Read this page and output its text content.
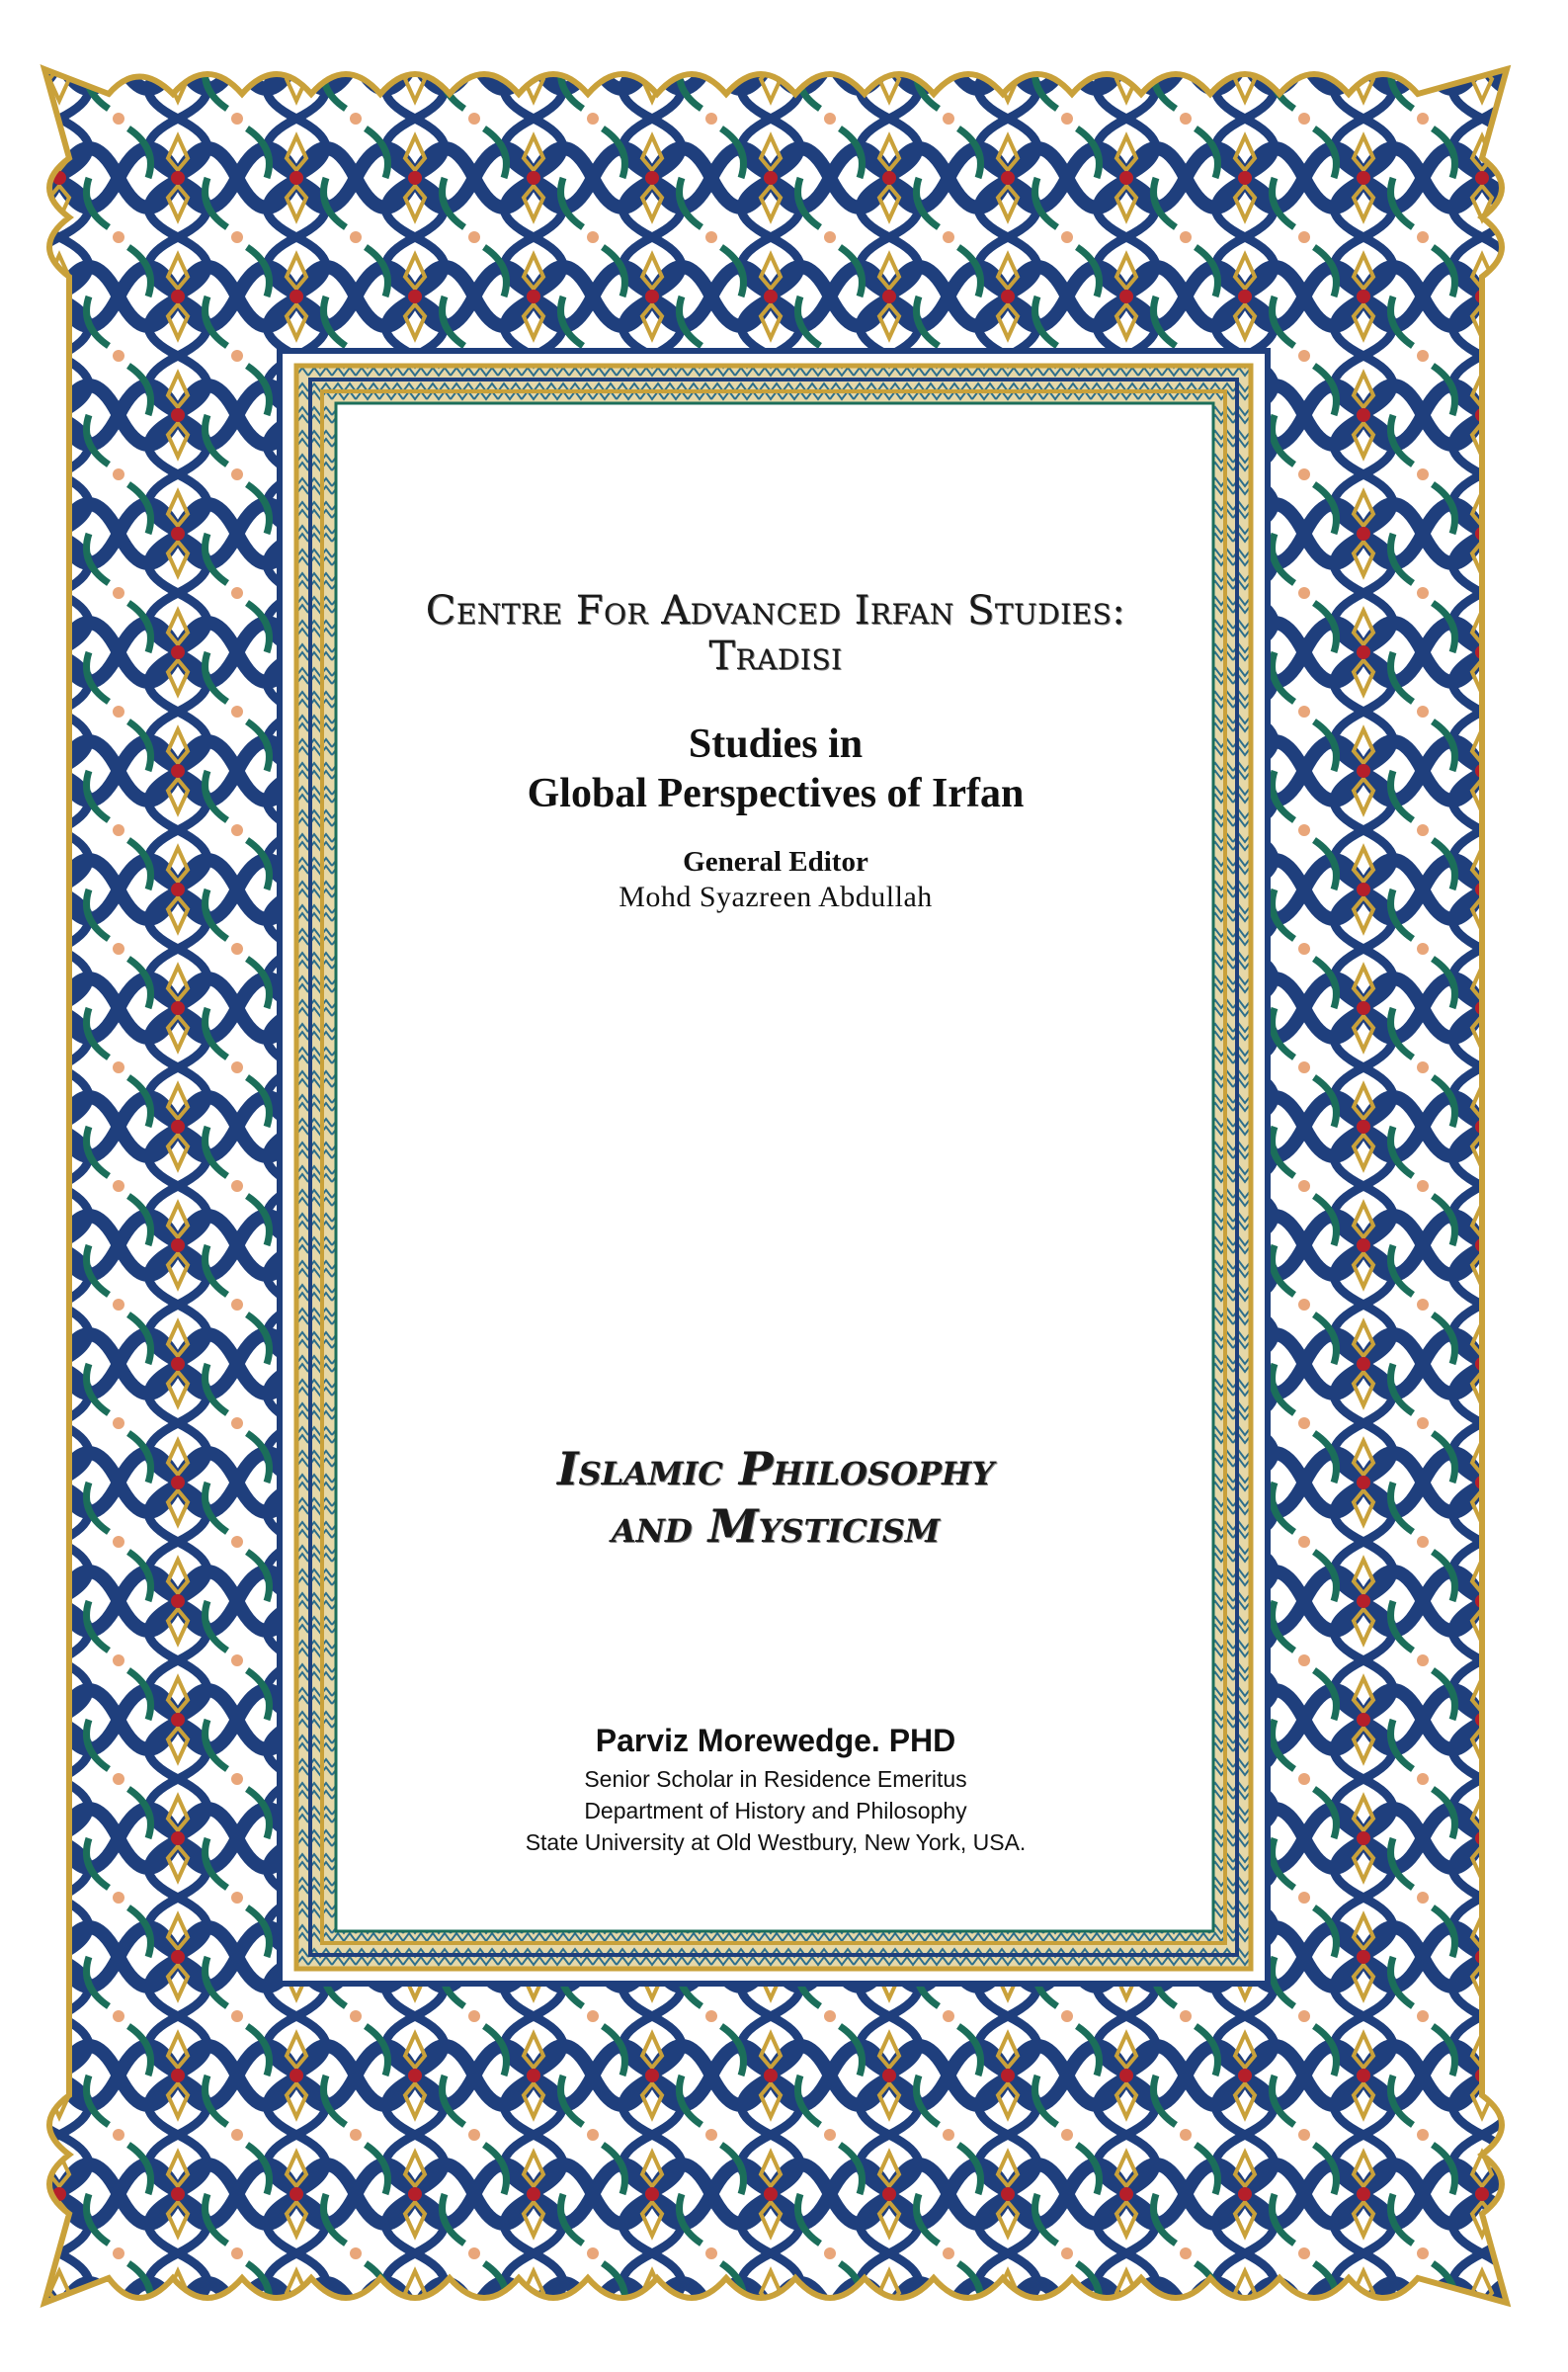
Centre For Advanced Irfan Studies:
Tradisi
Studies in
Global Perspectives of Irfan
General Editor
Mohd Syazreen Abdullah
Islamic Philosophy
and Mysticism
Parviz Morewedge. PHD
Senior Scholar in Residence Emeritus
Department of History and Philosophy
State University at Old Westbury, New York, USA.
